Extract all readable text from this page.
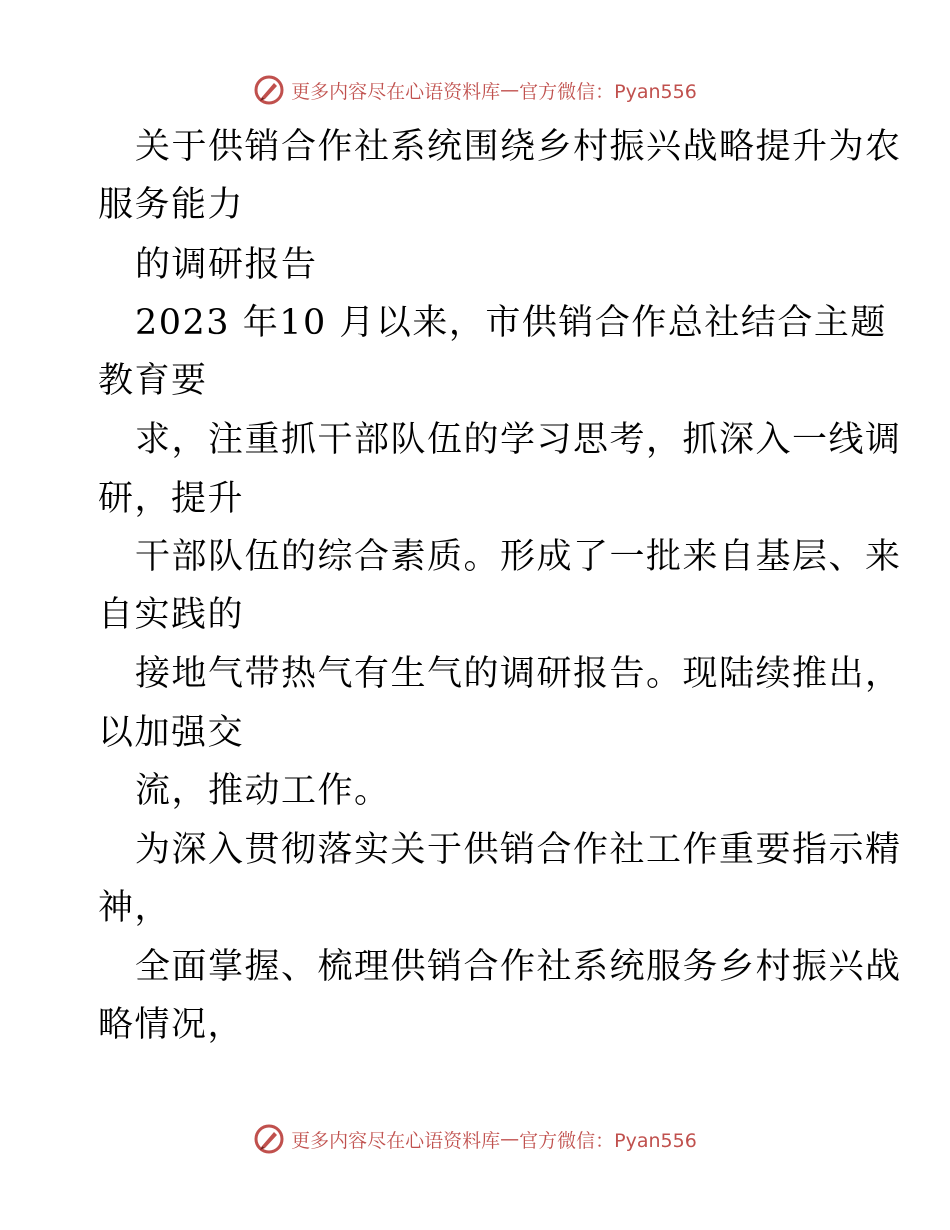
更多内容尽在心语资料库 — 官方微信：Pyan556
关于供销合作社系统围绕乡村振兴战略提升为农
服务能力
的调研报告
2023 年10 月以来，市供销合作总社结合主题
教育要
求，注重抓干部队伍的学习思考，抓深入一线调
研，提升
干部队伍的综合素质。形成了一批来自基层、来
自实践的
接地气带热气有生气的调研报告。现陆续推出，
以加强交
流，推动工作。
为深入贯彻落实关于供销合作社工作重要指示精
神，
全面掌握、梳理供销合作社系统服务乡村振兴战
略情况，
更多内容尽在心语资料库 — 官方微信：Pyan556
